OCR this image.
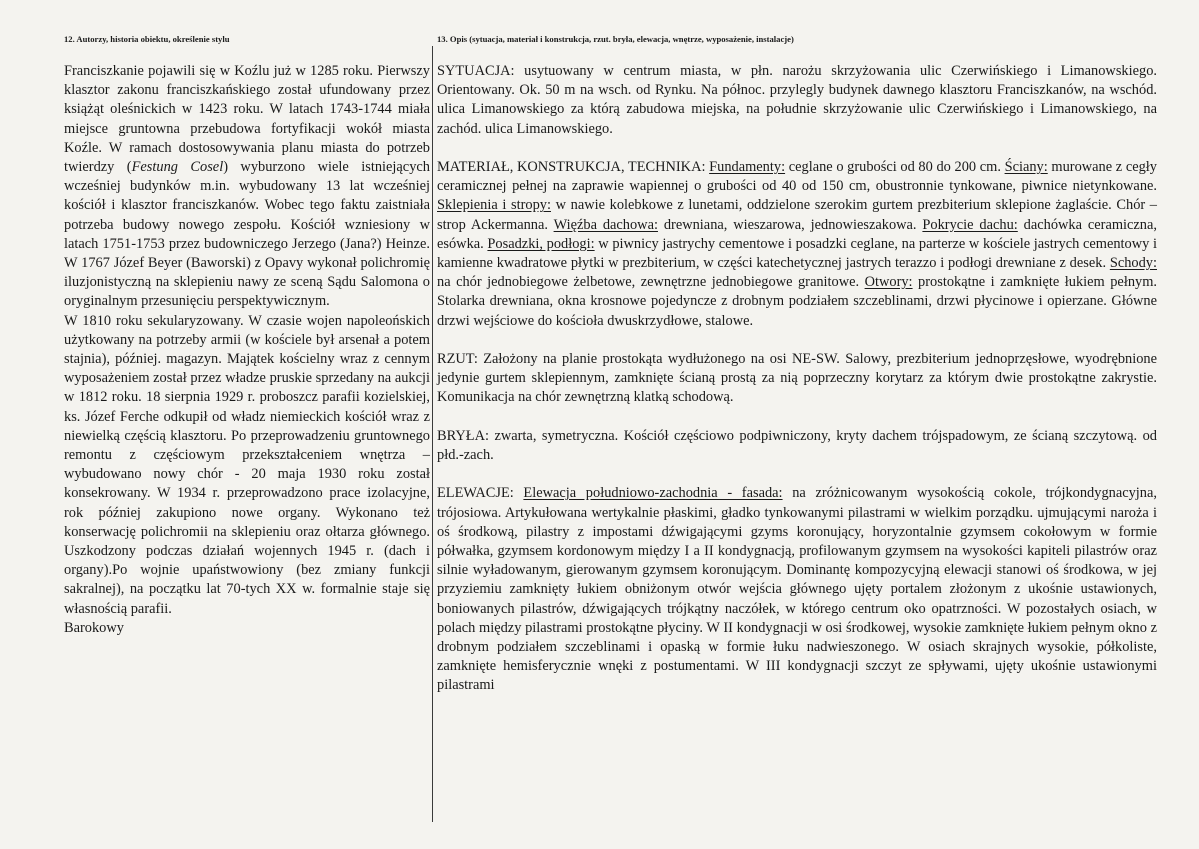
12. Autorzy, historia obiektu, określenie stylu

Franciszkanie pojawili się w Koźlu już w 1285 roku. Pierwszy klasztor zakonu franciszkańskiego został ufundowany przez książąt oleśnickich w 1423 roku. W latach 1743-1744 miała miejsce gruntowna przebudowa fortyfikacji wokół miasta Koźle. W ramach dostosowywania planu miasta do potrzeb twierdzy (Festung Cosel) wyburzono wiele istniejących wcześniej budynków m.in. wybudowany 13 lat wcześniej kościół i klasztor franciszkanów. Wobec tego faktu zaistniała potrzeba budowy nowego zespołu. Kościół wzniesiony w latach 1751-1753 przez budowniczego Jerzego (Jana?) Heinze. W 1767 Józef Beyer (Baworski) z Opavy wykonał polichromię iluzjonistyczną na sklepieniu nawy ze sceną Sądu Salomona o oryginalnym przesunięciu perspektywicznym.

W 1810 roku sekularyzowany. W czasie wojen napoleońskich użytkowany na potrzeby armii (w kościele był arsenał a potem stajnia), później. magazyn. Majątek kościelny wraz z cennym wyposażeniem został przez władze pruskie sprzedany na aukcji w 1812 roku. 18 sierpnia 1929 r. proboszcz parafii kozielskiej, ks. Józef Ferche odkupił od władz niemieckich kościół wraz z niewielką częścią klasztoru. Po przeprowadzeniu gruntownego remontu z częściowym przekształceniem wnętrza – wybudowano nowy chór - 20 maja 1930 roku został konsekrowany. W 1934 r. przeprowadzono prace izolacyjne, rok później zakupiono nowe organy. Wykonano też konserwację polichromii na sklepieniu oraz ołtarza głównego. Uszkodzony podczas działań wojennych 1945 r. (dach i organy).Po wojnie upaństwowiony (bez zmiany funkcji sakralnej), na początku lat 70-tych XX w. formalnie staje się własnością parafii.

Barokowy

13. Opis (sytuacja, materiał i konstrukcja, rzut. bryła, elewacja, wnętrze, wyposażenie, instalacje)

SYTUACJA: usytuowany w centrum miasta, w płn. narożu skrzyżowania ulic Czerwińskiego i Limanowskiego. Orientowany. Ok. 50 m na wsch. od Rynku. Na północ. przylegly budynek dawnego klasztoru Franciszkanów, na wschód. ulica Limanowskiego za którą zabudowa miejska, na południe skrzyżowanie ulic Czerwińskiego i Limanowskiego, na zachód. ulica Limanowskiego.

MATERIAŁ, KONSTRUKCJA, TECHNIKA: Fundamenty: ceglane o grubości od 80 do 200 cm. Ściany: murowane z cegły ceramicznej pełnej na zaprawie wapiennej o grubości od 40 od 150 cm, obustronnie tynkowane, piwnice nietynkowane. Sklepienia i stropy: w nawie kolebkowe z lunetami, oddzielone szerokim gurtem prezbiterium sklepione żaglaście. Chór – strop Ackermanna. Więźba dachowa: drewniana, wieszarowa, jednowieszakowa. Pokrycie dachu: dachówka ceramiczna, esówka. Posadzki, podłogi: w piwnicy jastrychy cementowe i posadzki ceglane, na parterze w kościele jastrych cementowy i kamienne kwadratowe płytki w prezbiterium, w części katechetycznej jastrych terazzo i podłogi drewniane z desek. Schody: na chór jednobiegowe żelbetowe, zewnętrzne jednobiegowe granitowe. Otwory: prostokątne i zamknięte łukiem pełnym. Stolarka drewniana, okna krosnowe pojedyncze z drobnym podziałem szczeblinami, drzwi płycinowe i opierzane. Główne drzwi wejściowe do kościoła dwuskrzydłowe, stalowe.

RZUT: Założony na planie prostokąta wydłużonego na osi NE-SW. Salowy, prezbiterium jednoprzęsłowe, wyodrębnione jedynie gurtem sklepiennym, zamknięte ścianą prostą za nią poprzeczny korytarz za którym dwie prostokątne zakrystie. Komunikacja na chór zewnętrzną klatką schodową.

BRYŁA: zwarta, symetryczna. Kościół częściowo podpiwniczony, kryty dachem trójspadowym, ze ścianą szczytową. od płd.-zach.

ELEWACJE: Elewacja południowo-zachodnia - fasada: na zróżnicowanym wysokością cokole, trójkondygnacyjna, trójosiowa. Artykułowana wertykalnie płaskimi, gładko tynkowanymi pilastrami w wielkim porządku. ujmującymi naroża i oś środkową, pilastry z impostami dźwigającymi gzyms koronujący, horyzontalnie gzymsem cokołowym w formie półwałka, gzymsem kordonowym między I a II kondygnacją, profilowanym gzymsem na wysokości kapiteli pilastrów oraz silnie wyładowanym, gierowanym gzymsem koronującym. Dominantę kompozycyjną elewacji stanowi oś środkowa, w jej przyziemiu zamknięty łukiem obniżonym otwór wejścia głównego ujęty portalem złożonym z ukośnie ustawionych, boniowanych pilastrów, dźwigających trójkątny naczółek, w którego centrum oko opatrzności. W pozostałych osiach, w polach między pilastrami prostokątne płyciny. W II kondygnacji w osi środkowej, wysokie zamknięte łukiem pełnym okno z drobnym podziałem szczeblinami i opaską w formie łuku nadwieszonego. W osiach skrajnych wysokie, półkoliste, zamknięte hemisferycznie wnęki z postumentami. W III kondygnacji szczyt ze spływami, ujęty ukośnie ustawionymi pilastrami
